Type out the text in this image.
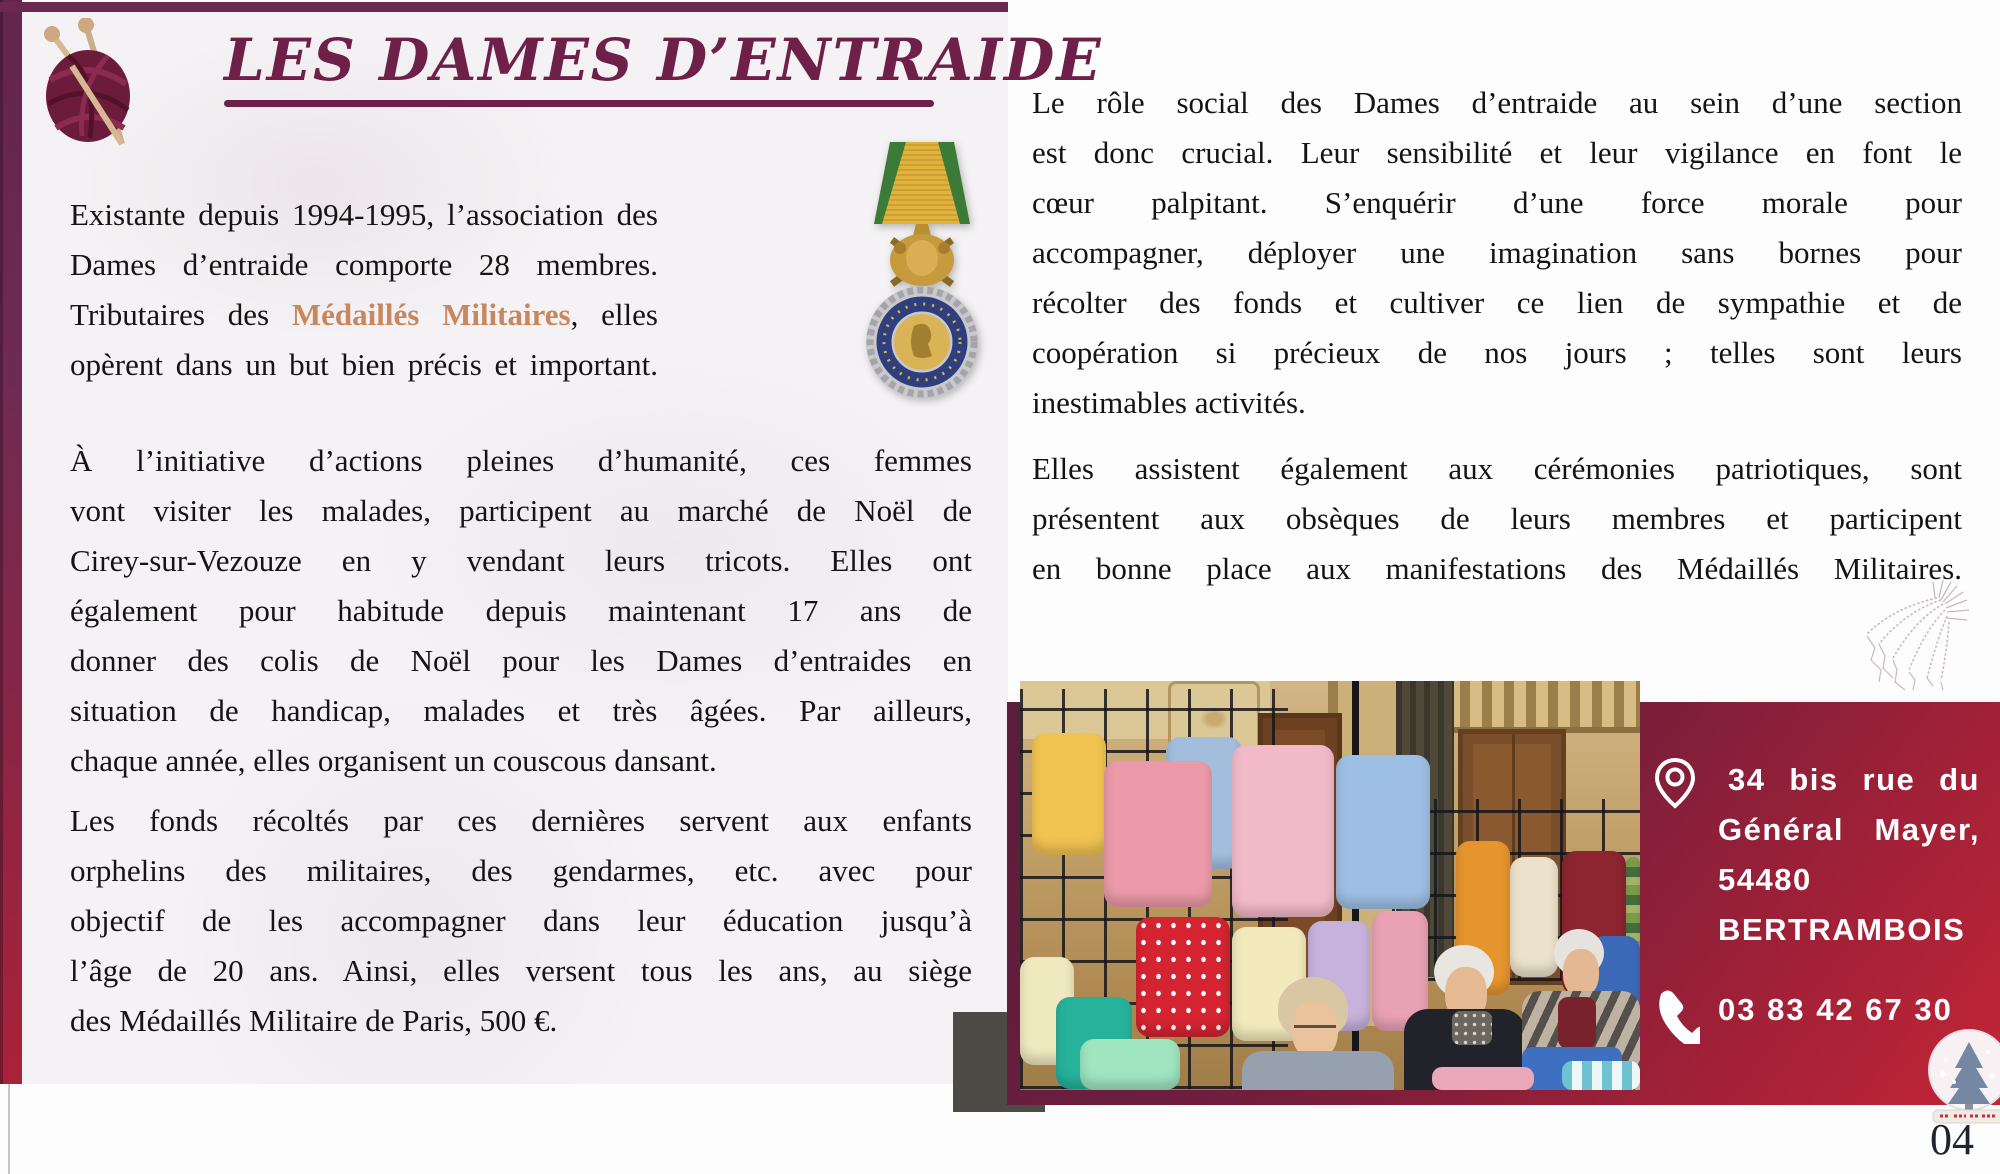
LES DAMES D’ENTRAIDE
Existante depuis 1994-1995, l’association des
Dames d’entraide comporte 28 membres.
Tributaires des Médaillés Militaires, elles
opèrent dans un but bien précis et important.
À l’initiative d’actions pleines d’humanité, ces femmes
vont visiter les malades, participent au marché de Noël de
Cirey-sur-Vezouze en y vendant leurs tricots. Elles ont
également pour habitude depuis maintenant 17 ans de
donner des colis de Noël pour les Dames d’entraides en
situation de handicap, malades et très âgées. Par ailleurs,
chaque année, elles organisent un couscous dansant.
Les fonds récoltés par ces dernières servent aux enfants
orphelins des militaires, des gendarmes, etc. avec pour
objectif de les accompagner dans leur éducation jusqu’à
l’âge de 20 ans. Ainsi, elles versent tous les ans, au siège
des Médaillés Militaire de Paris, 500 €.
Le rôle social des Dames d’entraide au sein d’une section
est donc crucial. Leur sensibilité et leur vigilance en font le
cœur palpitant. S’enquérir d’une force morale pour
accompagner, déployer une imagination sans bornes pour
récolter des fonds et cultiver ce lien de sympathie et de
coopération si précieux de nos jours ; telles sont leurs
inestimables activités.
Elles assistent également aux cérémonies patriotiques, sont
présentent aux obsèques de leurs membres et participent
en bonne place aux manifestations des Médaillés Militaires.
34 bis rue du
Général Mayer,
54480
BERTRAMBOIS
03 83 42 67 30
04
